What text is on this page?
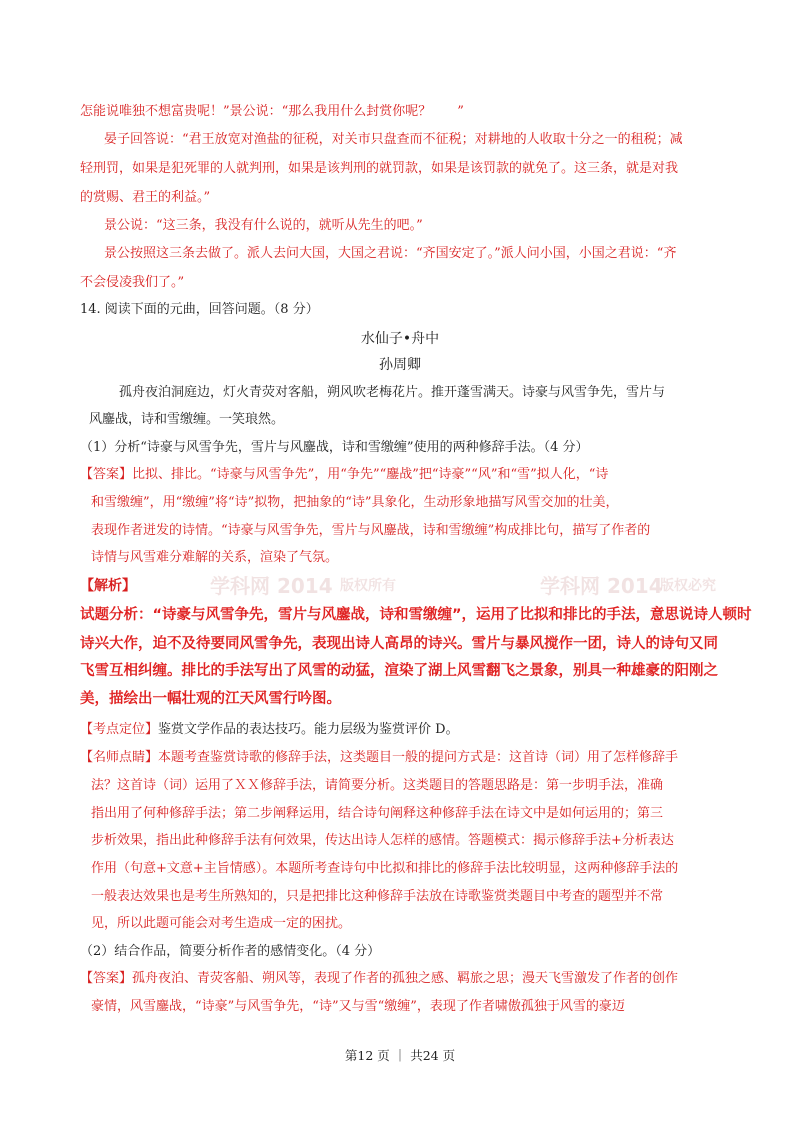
怎能说唯独不想富贵呢！”景公说：“那么我用什么封赏你呢？　　”
晏子回答说：“君王放宽对渔盐的征税，对关市只盘查而不征税；对耕地的人收取十分之一的租税；减
轻刑罚，如果是犯死罪的人就判刑，如果是该判刑的就罚款，如果是该罚款的就免了。这三条，就是对我
的赏赐、君王的利益。”
景公说：“这三条，我没有什么说的，就听从先生的吧。”
景公按照这三条去做了。派人去问大国，大国之君说：“齐国安定了。”派人问小国，小国之君说：“齐
不会侵凌我们了。”
14. 阅读下面的元曲，回答问题。（8 分）
水仙子•舟中
孙周卿
孤舟夜泊洞庭边，灯火青荧对客船，朔风吹老梅花片。推开蓬雪满天。诗豪与风雪争先，雪片与
风鏖战，诗和雪缴缠。一笑琅然。
（1）分析“诗豪与风雪争先，雪片与风鏖战，诗和雪缴缠”使用的两种修辞手法。（4 分）
【答案】比拟、排比。“诗豪与风雪争先”，用“争先”“鏖战”把“诗豪”“风”和“雪”拟人化，“诗
和雪缴缠”，用“缴缠”将“诗”拟物，把抽象的“诗”具象化，生动形象地描写风雪交加的壮美，
表现作者迸发的诗情。“诗豪与风雪争先，雪片与风鏖战，诗和雪缴缠”构成排比句，描写了作者的
诗情与风雪难分难解的关系，渲染了气氛。
学科网 2014 版权所有	学科网 2014
版权必究
【解析】
试题分析：“诗豪与风雪争先，雪片与风鏖战，诗和雪缴缠”，运用了比拟和排比的手法，意思说诗人顿时
诗兴大作，迫不及待要同风雪争先，表现出诗人高昂的诗兴。雪片与暴风搅作一团，诗人的诗句又同
飞雪互相纠缠。排比的手法写出了风雪的动猛，渲染了湖上风雪翻飞之景象，别具一种雄豪的阳刚之
美，描绘出一幅壮观的江天风雪行吟图。
【考点定位】鉴赏文学作品的表达技巧。能力层级为鉴赏评价 D。
【名师点睛】本题考查鉴赏诗歌的修辞手法，这类题目一般的提问方式是：这首诗（词）用了怎样修辞手
法？这首诗（词）运用了ＸＸ修辞手法，请简要分析。这类题目的答题思路是：第一步明手法，准确
指出用了何种修辞手法；第二步阐释运用，结合诗句阐释这种修辞手法在诗文中是如何运用的；第三
步析效果，指出此种修辞手法有何效果，传达出诗人怎样的感情。答题模式：揭示修辞手法+分析表达
作用（句意+文意+主旨情感）。本题所考查诗句中比拟和排比的修辞手法比较明显，这两种修辞手法的
一般表达效果也是考生所熟知的，只是把排比这种修辞手法放在诗歌鉴赏类题目中考查的题型并不常
见，所以此题可能会对考生造成一定的困扰。
（2）结合作品，简要分析作者的感情变化。（4 分）
【答案】孤舟夜泊、青荧客船、朔风等，表现了作者的孤独之感、羁旅之思；漫天飞雪激发了作者的创作
豪情，风雪鏖战，“诗豪”与风雪争先，“诗”又与雪“缴缠”，表现了作者啸傲孤独于风雪的豪迈
第12 页 ｜ 共24 页
